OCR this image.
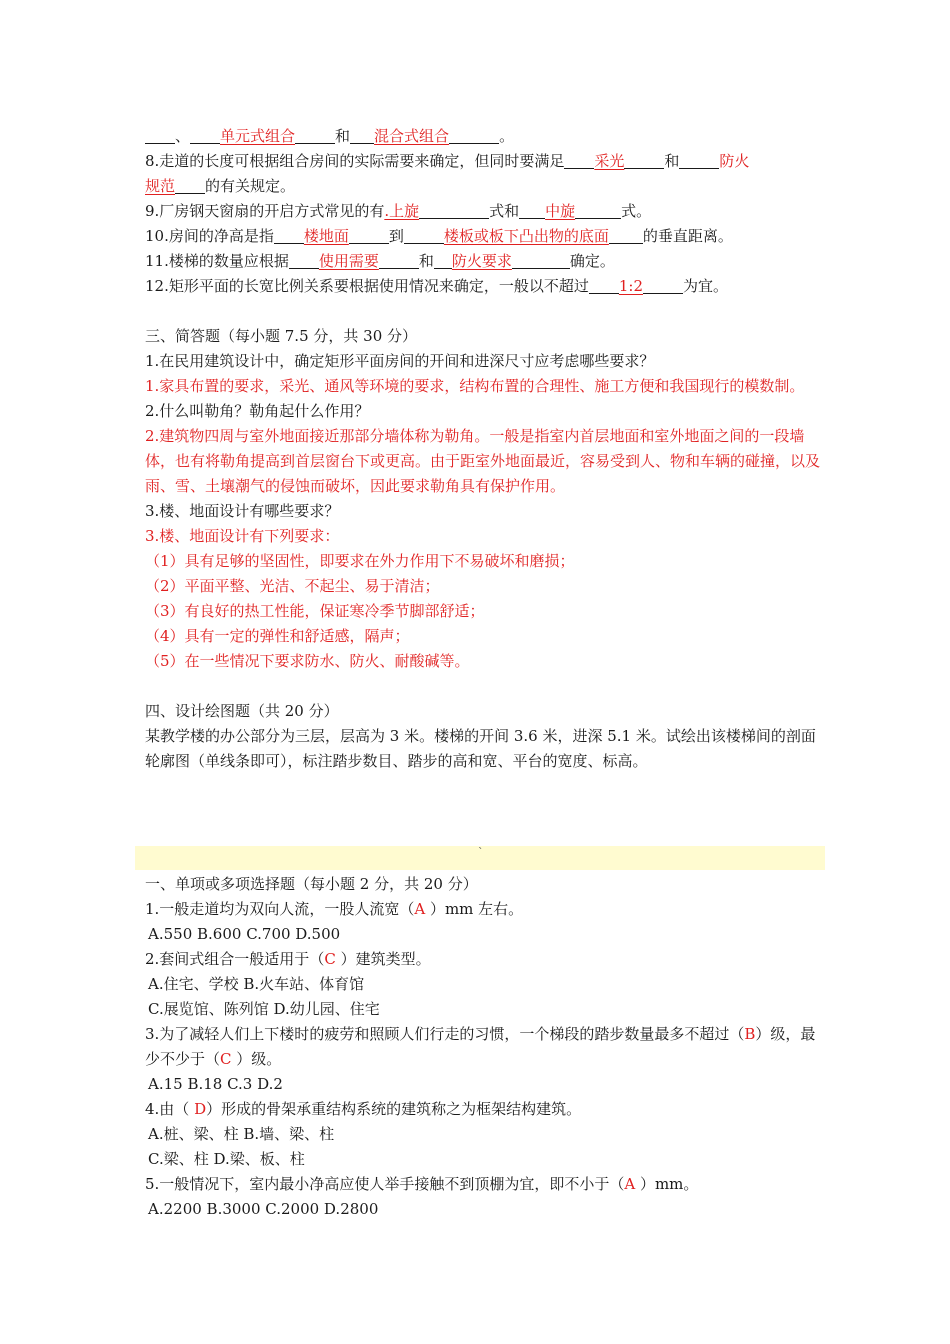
、 单元式组合	和 混合式组合	。
8.走道的长度可根据组合房间的实际需要来确定，但同时要满足 采光	和	防火
规范 的有关规定。
9.厂房钢天窗扇的开启方式常见的有.上旋	式和 中旋	式。
10.房间的净高是指 楼地面	到	楼板或板下凸出物的底面 的垂直距离。
11.楼梯的数量应根据 使用需要	和 防火要求	确定。
12.矩形平面的长宽比例关系要根据使用情况来确定，一般以不超过 1:2	为宜。
三、简答题（每小题 7.5 分，共 30 分）
1.在民用建筑设计中，确定矩形平面房间的开间和进深尺寸应考虑哪些要求？
1.家具布置的要求，采光、通风等环境的要求，结构布置的合理性、施工方便和我国现行的模数制。
2.什么叫勒角？勒角起什么作用？
2.建筑物四周与室外地面接近那部分墙体称为勒角。一般是指室内首层地面和室外地面之间的一段墙体，也有将勒角提高到首层窗台下或更高。由于距室外地面最近，容易受到人、物和车辆的碰撞，以及雨、雪、土壤潮气的侵蚀而破坏，因此要求勒角具有保护作用。
3.楼、地面设计有哪些要求？
3.楼、地面设计有下列要求：
（1）具有足够的坚固性，即要求在外力作用下不易破坏和磨损；
（2）平面平整、光洁、不起尘、易于清洁；
（3）有良好的热工性能，保证寒冷季节脚部舒适；
（4）具有一定的弹性和舒适感，隔声；
（5）在一些情况下要求防水、防火、耐酸碱等。
四、设计绘图题（共 20 分）
某教学楼的办公部分为三层，层高为 3 米。楼梯的开间 3.6 米，进深 5.1 米。试绘出该楼梯间的剖面轮廓图（单线条即可），标注踏步数目、踏步的高和宽、平台的宽度、标高。
`
一、单项或多项选择题（每小题 2 分，共 20 分）
1.一般走道均为双向人流，一股人流宽（A ）mm 左右。
A.550 B.600 C.700 D.500
2.套间式组合一般适用于（C ）建筑类型。
A.住宅、学校 B.火车站、体育馆
C.展览馆、陈列馆 D.幼儿园、住宅
3.为了减轻人们上下楼时的疲劳和照顾人们行走的习惯，一个梯段的踏步数量最多不超过（B）级，最少不少于（C ）级。
A.15 B.18 C.3 D.2
4.由（ D）形成的骨架承重结构系统的建筑称之为框架结构建筑。
A.桩、梁、柱 B.墙、梁、柱
C.梁、柱 D.梁、板、柱
5.一般情况下，室内最小净高应使人举手接触不到顶棚为宜，即不小于（A ）mm。
A.2200 B.3000 C.2000 D.2800
